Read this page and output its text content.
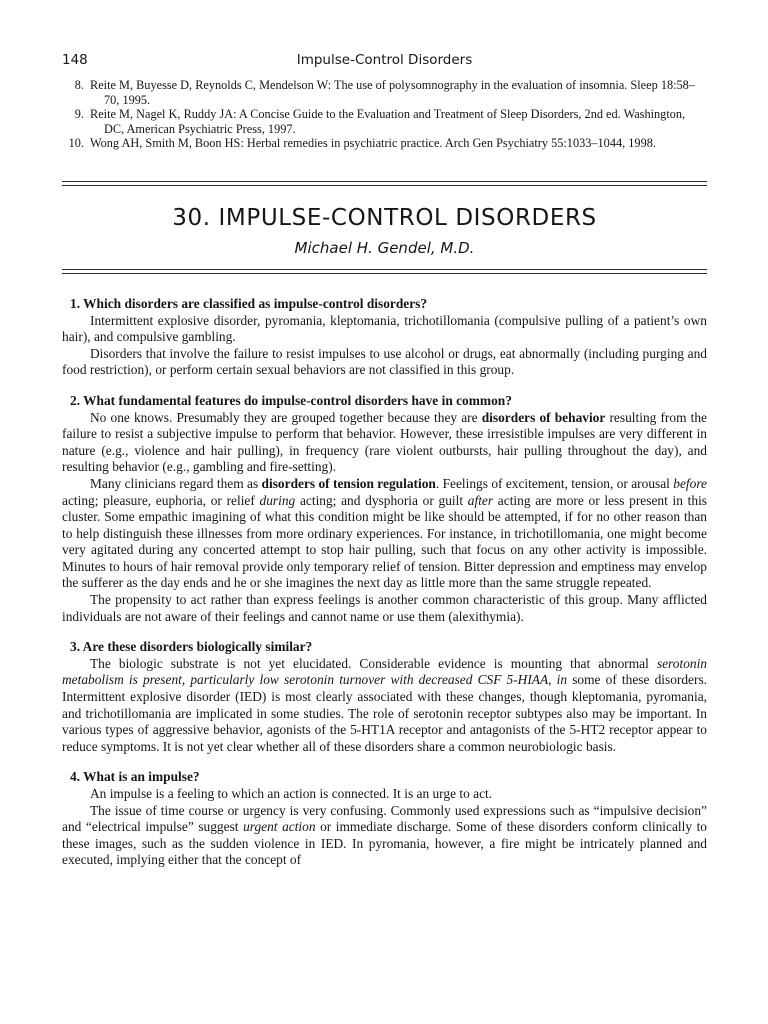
148	Impulse-Control Disorders
8. Reite M, Buyesse D, Reynolds C, Mendelson W: The use of polysomnography in the evaluation of insomnia. Sleep 18:58–70, 1995.
9. Reite M, Nagel K, Ruddy JA: A Concise Guide to the Evaluation and Treatment of Sleep Disorders, 2nd ed. Washington, DC, American Psychiatric Press, 1997.
10. Wong AH, Smith M, Boon HS: Herbal remedies in psychiatric practice. Arch Gen Psychiatry 55:1033–1044, 1998.
30. IMPULSE-CONTROL DISORDERS
Michael H. Gendel, M.D.
1. Which disorders are classified as impulse-control disorders?

Intermittent explosive disorder, pyromania, kleptomania, trichotillomania (compulsive pulling of a patient’s own hair), and compulsive gambling.

Disorders that involve the failure to resist impulses to use alcohol or drugs, eat abnormally (including purging and food restriction), or perform certain sexual behaviors are not classified in this group.

2. What fundamental features do impulse-control disorders have in common?

No one knows. Presumably they are grouped together because they are disorders of behavior resulting from the failure to resist a subjective impulse to perform that behavior. However, these irresistible impulses are very different in nature (e.g., violence and hair pulling), in frequency (rare violent outbursts, hair pulling throughout the day), and resulting behavior (e.g., gambling and fire-setting).

Many clinicians regard them as disorders of tension regulation. Feelings of excitement, tension, or arousal before acting; pleasure, euphoria, or relief during acting; and dysphoria or guilt after acting are more or less present in this cluster. Some empathic imagining of what this condition might be like should be attempted, if for no other reason than to help distinguish these illnesses from more ordinary experiences. For instance, in trichotillomania, one might become very agitated during any concerted attempt to stop hair pulling, such that focus on any other activity is impossible. Minutes to hours of hair removal provide only temporary relief of tension. Bitter depression and emptiness may envelop the sufferer as the day ends and he or she imagines the next day as little more than the same struggle repeated.

The propensity to act rather than express feelings is another common characteristic of this group. Many afflicted individuals are not aware of their feelings and cannot name or use them (alexithymia).

3. Are these disorders biologically similar?

The biologic substrate is not yet elucidated. Considerable evidence is mounting that abnormal serotonin metabolism is present, particularly low serotonin turnover with decreased CSF 5-HIAA, in some of these disorders. Intermittent explosive disorder (IED) is most clearly associated with these changes, though kleptomania, pyromania, and trichotillomania are implicated in some studies. The role of serotonin receptor subtypes also may be important. In various types of aggressive behavior, agonists of the 5-HT1A receptor and antagonists of the 5-HT2 receptor appear to reduce symptoms. It is not yet clear whether all of these disorders share a common neurobiologic basis.

4. What is an impulse?

An impulse is a feeling to which an action is connected. It is an urge to act.

The issue of time course or urgency is very confusing. Commonly used expressions such as “impulsive decision” and “electrical impulse” suggest urgent action or immediate discharge. Some of these disorders conform clinically to these images, such as the sudden violence in IED. In pyromania, however, a fire might be intricately planned and executed, implying either that the concept of
